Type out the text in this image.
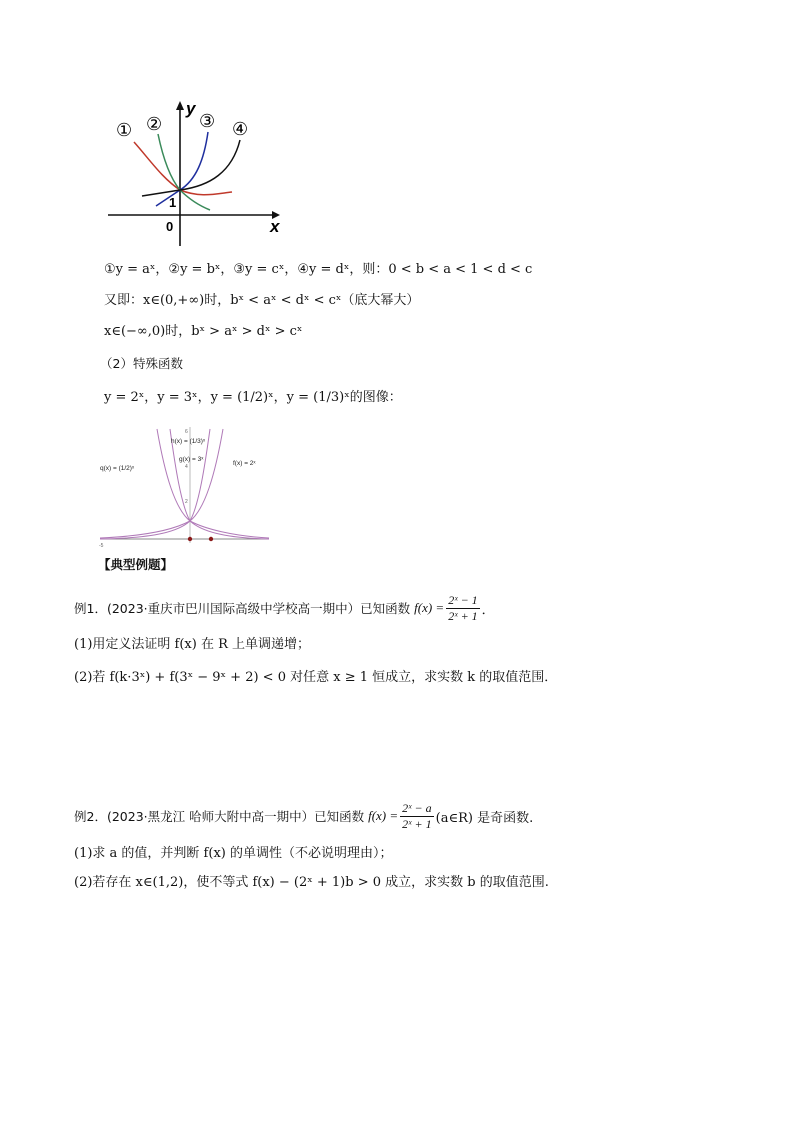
x
y
0
1
① ② ③ ④
①y = aˣ，②y = bˣ，③y = cˣ，④y = dˣ，则：0 < b < a < 1 < d < c
又即：x∈(0,+∞)时，bˣ < aˣ < dˣ < cˣ（底大幂大）
x∈(−∞,0)时，bˣ > aˣ > dˣ > cˣ
（2）特殊函数
y = 2ˣ，y = 3ˣ，y = (1/2)ˣ，y = (1/3)ˣ的图像：
6
4
2
-5
q(x) = (1/2)ˣ
h(x) = (1/3)ˣ
g(x) = 3ˣ
f(x) = 2ˣ
【典型例题】
例1．(2023·重庆市巴川国际高级中学校高一期中）已知函数 $f(x) = \frac{\text{2ˣ − 1}}{\text{2ˣ + 1}}$ ．
(1)用定义法证明 f(x) 在 R 上单调递增；
(2)若 f(k·3ˣ) + f(3ˣ − 9ˣ + 2) < 0 对任意 x ≥ 1 恒成立，求实数 k 的取值范围．
例2．(2023·黑龙江 哈师大附中高一期中）已知函数 $f(x) = \frac{\text{2ˣ − a}}{\text{2ˣ + 1}}$ (a∈R) 是奇函数.
(1)求 a 的值，并判断 f(x) 的单调性（不必说明理由）；
(2)若存在 x∈(1,2)，使不等式 f(x) − (2ˣ + 1)b > 0 成立，求实数 b 的取值范围.
